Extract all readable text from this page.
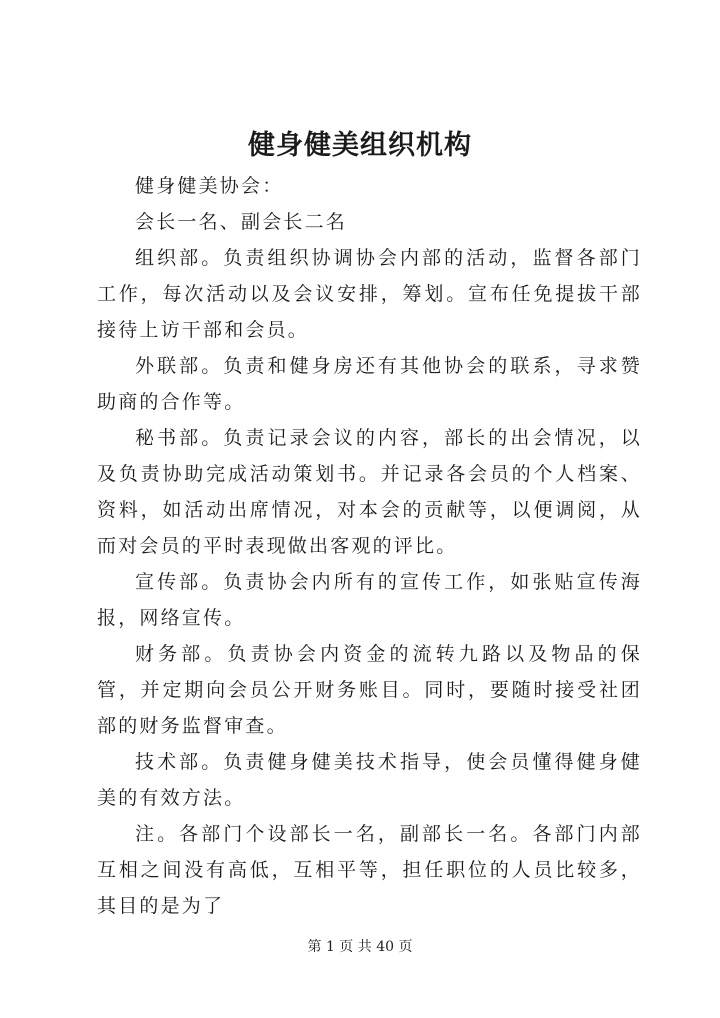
健身健美组织机构

健身健美协会：

会长一名、副会长二名

组织部。负责组织协调协会内部的活动，监督各部门工作，每次活动以及会议安排，筹划。宣布任免提拔干部接待上访干部和会员。

外联部。负责和健身房还有其他协会的联系，寻求赞助商的合作等。

秘书部。负责记录会议的内容，部长的出会情况，以及负责协助完成活动策划书。并记录各会员的个人档案、资料，如活动出席情况，对本会的贡献等，以便调阅，从而对会员的平时表现做出客观的评比。

宣传部。负责协会内所有的宣传工作，如张贴宣传海报，网络宣传。

财务部。负责协会内资金的流转九路以及物品的保管，并定期向会员公开财务账目。同时，要随时接受社团部的财务监督审查。

技术部。负责健身健美技术指导，使会员懂得健身健美的有效方法。

注。各部门个设部长一名，副部长一名。各部门内部互相之间没有高低，互相平等，担任职位的人员比较多，其目的是为了

第 1 页 共 40 页
